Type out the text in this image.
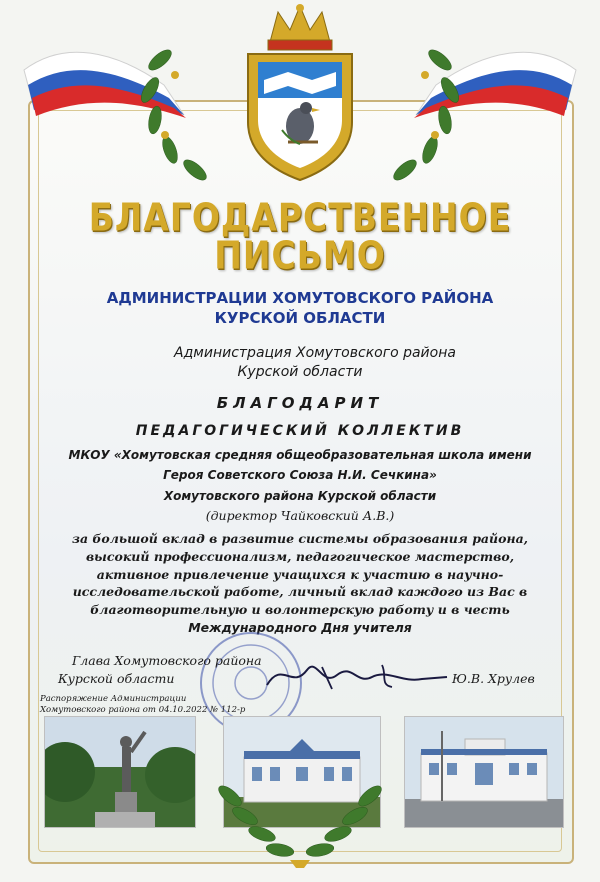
БЛАГОДАРСТВЕННОЕ
ПИСЬМО
АДМИНИСТРАЦИИ ХОМУТОВСКОГО РАЙОНА
КУРСКОЙ ОБЛАСТИ
Администрация Хомутовского района
Курской области
БЛАГОДАРИТ
ПЕДАГОГИЧЕСКИЙ КОЛЛЕКТИВ
МКОУ «Хомутовская средняя общеобразовательная школа имени
Героя Советского Союза Н.И. Сечкина»
Хомутовского района Курской области
(директор Чайковский А.В.)
за большой вклад в развитие системы образования района,
высокий профессионализм, педагогическое мастерство,
активное привлечение учащихся к участию в научно-
исследовательской работе, личный вклад каждого из Вас в
благотворительную и волонтерскую работу и в честь
Международного Дня учителя
Глава Хомутовского района
Курской области	Ю.В. Хрулев
Распоряжение Администрации
Хомутовского района от 04.10.2022 № 112-р
